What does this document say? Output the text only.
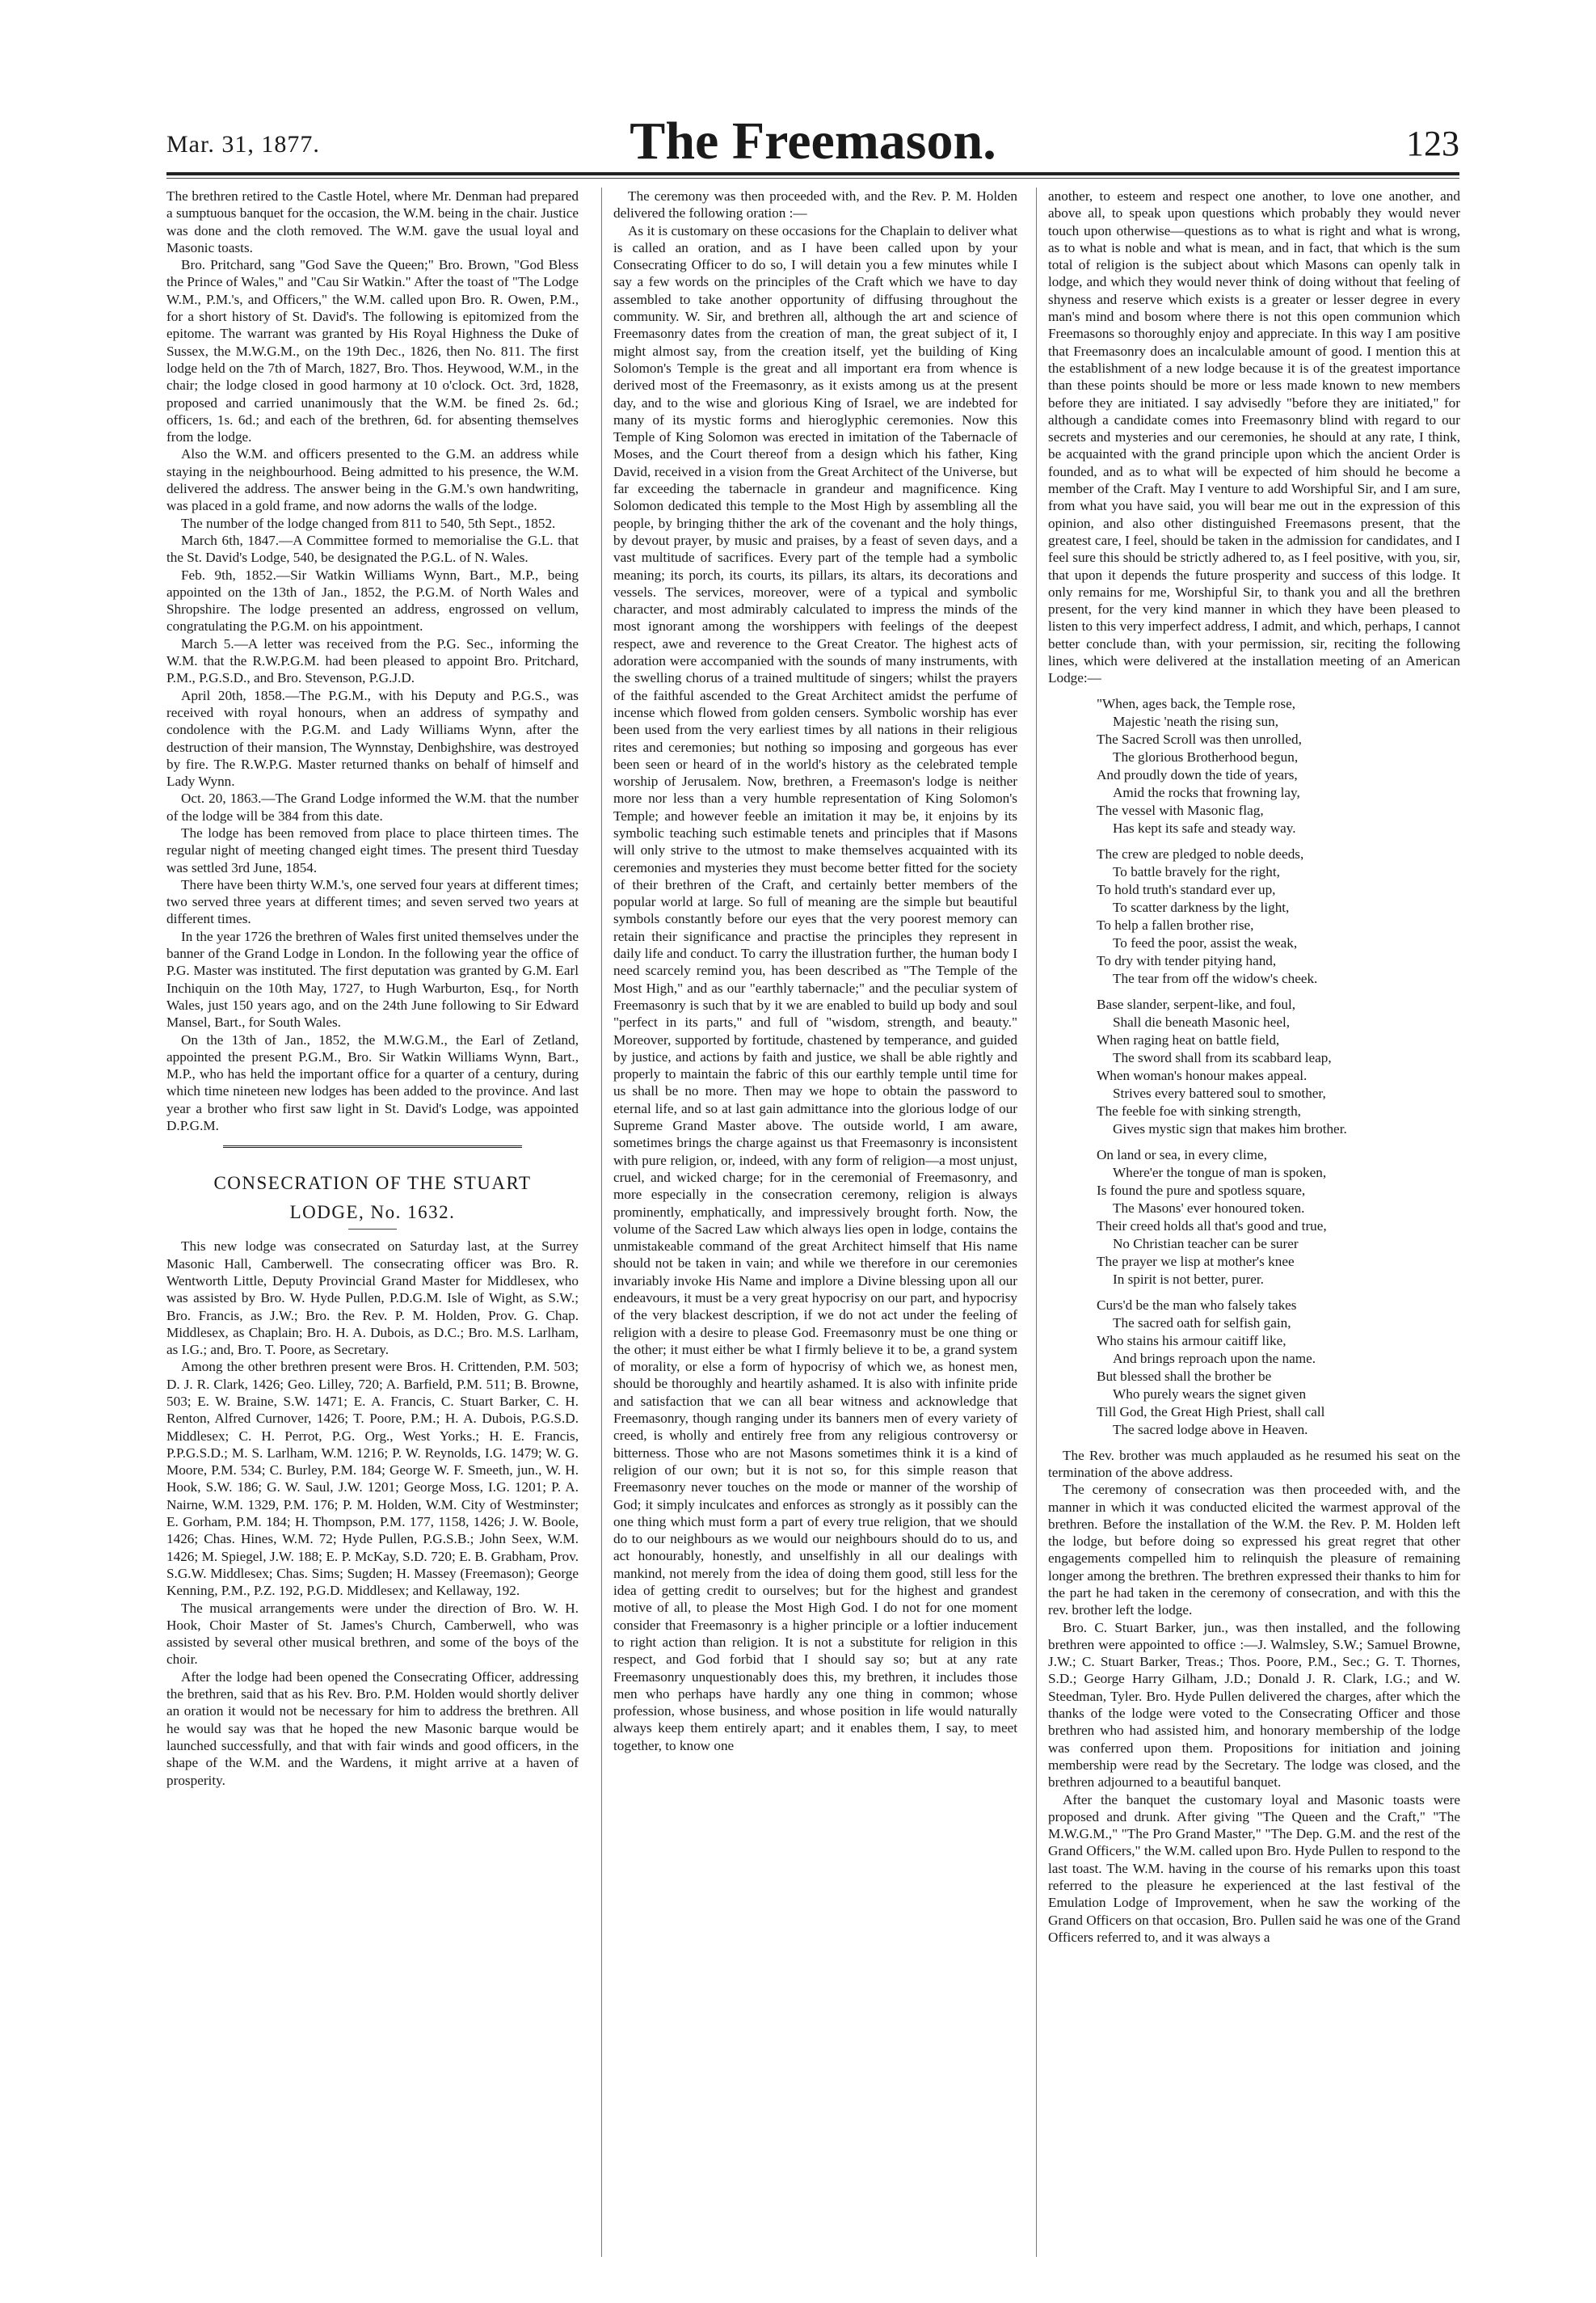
Mar. 31, 1877.	The Freemason.	123

The brethren retired to the Castle Hotel, where Mr. Denman had prepared a sumptuous banquet for the occasion, the W.M. being in the chair. Justice was done and the cloth removed. The W.M. gave the usual loyal and Masonic toasts.

Bro. Pritchard, sang "God Save the Queen;" Bro. Brown, "God Bless the Prince of Wales," and "Cau Sir Watkin." After the toast of "The Lodge W.M., P.M.'s, and Officers," the W.M. called upon Bro. R. Owen, P.M., for a short history of St. David's. The following is epitomized from the epitome. The warrant was granted by His Royal Highness the Duke of Sussex, the M.W.G.M., on the 19th Dec., 1826, then No. 811. The first lodge held on the 7th of March, 1827, Bro. Thos. Heywood, W.M., in the chair; the lodge closed in good harmony at 10 o'clock. Oct. 3rd, 1828, proposed and carried unanimously that the W.M. be fined 2s. 6d.; officers, 1s. 6d.; and each of the brethren, 6d. for absenting themselves from the lodge.

Also the W.M. and officers presented to the G.M. an address while staying in the neighbourhood. Being admitted to his presence, the W.M. delivered the address. The answer being in the G.M.'s own handwriting, was placed in a gold frame, and now adorns the walls of the lodge.

The number of the lodge changed from 811 to 540, 5th Sept., 1852.

March 6th, 1847.—A Committee formed to memorialise the G.L. that the St. David's Lodge, 540, be designated the P.G.L. of N. Wales.

Feb. 9th, 1852.—Sir Watkin Williams Wynn, Bart., M.P., being appointed on the 13th of Jan., 1852, the P.G.M. of North Wales and Shropshire. The lodge presented an address, engrossed on vellum, congratulating the P.G.M. on his appointment.

March 5.—A letter was received from the P.G. Sec., informing the W.M. that the R.W.P.G.M. had been pleased to appoint Bro. Pritchard, P.M., P.G.S.D., and Bro. Stevenson, P.G.J.D.

April 20th, 1858.—The P.G.M., with his Deputy and P.G.S., was received with royal honours, when an address of sympathy and condolence with the P.G.M. and Lady Williams Wynn, after the destruction of their mansion, The Wynnstay, Denbighshire, was destroyed by fire. The R.W.P.G. Master returned thanks on behalf of himself and Lady Wynn.

Oct. 20, 1863.—The Grand Lodge informed the W.M. that the number of the lodge will be 384 from this date.

The lodge has been removed from place to place thirteen times. The regular night of meeting changed eight times. The present third Tuesday was settled 3rd June, 1854.

There have been thirty W.M.'s, one served four years at different times; two served three years at different times; and seven served two years at different times.

In the year 1726 the brethren of Wales first united themselves under the banner of the Grand Lodge in London. In the following year the office of P.G. Master was instituted. The first deputation was granted by G.M. Earl Inchiquin on the 10th May, 1727, to Hugh Warburton, Esq., for North Wales, just 150 years ago, and on the 24th June following to Sir Edward Mansel, Bart., for South Wales.

On the 13th of Jan., 1852, the M.W.G.M., the Earl of Zetland, appointed the present P.G.M., Bro. Sir Watkin Williams Wynn, Bart., M.P., who has held the important office for a quarter of a century, during which time nineteen new lodges has been added to the province. And last year a brother who first saw light in St. David's Lodge, was appointed D.P.G.M.

CONSECRATION OF THE STUART
LODGE, No. 1632.

This new lodge was consecrated on Saturday last, at the Surrey Masonic Hall, Camberwell. The consecrating officer was Bro. R. Wentworth Little, Deputy Provincial Grand Master for Middlesex, who was assisted by Bro. W. Hyde Pullen, P.D.G.M. Isle of Wight, as S.W.; Bro. Francis, as J.W.; Bro. the Rev. P. M. Holden, Prov. G. Chap. Middlesex, as Chaplain; Bro. H. A. Dubois, as D.C.; Bro. M.S. Larlham, as I.G.; and, Bro. T. Poore, as Secretary.

Among the other brethren present were Bros. H. Crittenden, P.M. 503; D. J. R. Clark, 1426; Geo. Lilley, 720; A. Barfield, P.M. 511; B. Browne, 503; E. W. Braine, S.W. 1471; E. A. Francis, C. Stuart Barker, C. H. Renton, Alfred Curnover, 1426; T. Poore, P.M.; H. A. Dubois, P.G.S.D. Middlesex; C. H. Perrot, P.G. Org., West Yorks.; H. E. Francis, P.P.G.S.D.; M. S. Larlham, W.M. 1216; P. W. Reynolds, I.G. 1479; W. G. Moore, P.M. 534; C. Burley, P.M. 184; George W. F. Smeeth, jun., W. H. Hook, S.W. 186; G. W. Saul, J.W. 1201; George Moss, I.G. 1201; P. A. Nairne, W.M. 1329, P.M. 176; P. M. Holden, W.M. City of Westminster; E. Gorham, P.M. 184; H. Thompson, P.M. 177, 1158, 1426; J. W. Boole, 1426; Chas. Hines, W.M. 72; Hyde Pullen, P.G.S.B.; John Seex, W.M. 1426; M. Spiegel, J.W. 188; E. P. McKay, S.D. 720; E. B. Grabham, Prov. S.G.W. Middlesex; Chas. Sims; Sugden; H. Massey (Freemason); George Kenning, P.M., P.Z. 192, P.G.D. Middlesex; and Kellaway, 192.

The musical arrangements were under the direction of Bro. W. H. Hook, Choir Master of St. James's Church, Camberwell, who was assisted by several other musical brethren, and some of the boys of the choir.

After the lodge had been opened the Consecrating Officer, addressing the brethren, said that as his Rev. Bro. P.M. Holden would shortly deliver an oration it would not be necessary for him to address the brethren. All he would say was that he hoped the new Masonic barque would be launched successfully, and that with fair winds and good officers, in the shape of the W.M. and the Wardens, it might arrive at a haven of prosperity.

The ceremony was then proceeded with, and the Rev. P. M. Holden delivered the following oration :—

As it is customary on these occasions for the Chaplain to deliver what is called an oration, and as I have been called upon by your Consecrating Officer to do so, I will detain you a few minutes while I say a few words on the principles of the Craft which we have to day assembled to take another opportunity of diffusing throughout the community. W. Sir, and brethren all, although the art and science of Freemasonry dates from the creation of man, the great subject of it, I might almost say, from the creation itself, yet the building of King Solomon's Temple is the great and all important era from whence is derived most of the Freemasonry, as it exists among us at the present day, and to the wise and glorious King of Israel, we are indebted for many of its mystic forms and hieroglyphic ceremonies. Now this Temple of King Solomon was erected in imitation of the Tabernacle of Moses, and the Court thereof from a design which his father, King David, received in a vision from the Great Architect of the Universe, but far exceeding the tabernacle in grandeur and magnificence. King Solomon dedicated this temple to the Most High by assembling all the people, by bringing thither the ark of the covenant and the holy things, by devout prayer, by music and praises, by a feast of seven days, and a vast multitude of sacrifices. Every part of the temple had a symbolic meaning; its porch, its courts, its pillars, its altars, its decorations and vessels. The services, moreover, were of a typical and symbolic character, and most admirably calculated to impress the minds of the most ignorant among the worshippers with feelings of the deepest respect, awe and reverence to the Great Creator. The highest acts of adoration were accompanied with the sounds of many instruments, with the swelling chorus of a trained multitude of singers; whilst the prayers of the faithful ascended to the Great Architect amidst the perfume of incense which flowed from golden censers. Symbolic worship has ever been used from the very earliest times by all nations in their religious rites and ceremonies; but nothing so imposing and gorgeous has ever been seen or heard of in the world's history as the celebrated temple worship of Jerusalem. Now, brethren, a Freemason's lodge is neither more nor less than a very humble representation of King Solomon's Temple; and however feeble an imitation it may be, it enjoins by its symbolic teaching such estimable tenets and principles that if Masons will only strive to the utmost to make themselves acquainted with its ceremonies and mysteries they must become better fitted for the society of their brethren of the Craft, and certainly better members of the popular world at large. So full of meaning are the simple but beautiful symbols constantly before our eyes that the very poorest memory can retain their significance and practise the principles they represent in daily life and conduct. To carry the illustration further, the human body I need scarcely remind you, has been described as "The Temple of the Most High," and as our "earthly tabernacle;" and the peculiar system of Freemasonry is such that by it we are enabled to build up body and soul "perfect in its parts," and full of "wisdom, strength, and beauty." Moreover, supported by fortitude, chastened by temperance, and guided by justice, and actions by faith and justice, we shall be able rightly and properly to maintain the fabric of this our earthly temple until time for us shall be no more. Then may we hope to obtain the password to eternal life, and so at last gain admittance into the glorious lodge of our Supreme Grand Master above. The outside world, I am aware, sometimes brings the charge against us that Freemasonry is inconsistent with pure religion, or, indeed, with any form of religion—a most unjust, cruel, and wicked charge; for in the ceremonial of Freemasonry, and more especially in the consecration ceremony, religion is always prominently, emphatically, and impressively brought forth. Now, the volume of the Sacred Law which always lies open in lodge, contains the unmistakeable command of the great Architect himself that His name should not be taken in vain; and while we therefore in our ceremonies invariably invoke His Name and implore a Divine blessing upon all our endeavours, it must be a very great hypocrisy on our part, and hypocrisy of the very blackest description, if we do not act under the feeling of religion with a desire to please God. Freemasonry must be one thing or the other; it must either be what I firmly believe it to be, a grand system of morality, or else a form of hypocrisy of which we, as honest men, should be thoroughly and heartily ashamed. It is also with infinite pride and satisfaction that we can all bear witness and acknowledge that Freemasonry, though ranging under its banners men of every variety of creed, is wholly and entirely free from any religious controversy or bitterness. Those who are not Masons sometimes think it is a kind of religion of our own; but it is not so, for this simple reason that Freemasonry never touches on the mode or manner of the worship of God; it simply inculcates and enforces as strongly as it possibly can the one thing which must form a part of every true religion, that we should do to our neighbours as we would our neighbours should do to us, and act honourably, honestly, and unselfishly in all our dealings with mankind, not merely from the idea of doing them good, still less for the idea of getting credit to ourselves; but for the highest and grandest motive of all, to please the Most High God. I do not for one moment consider that Freemasonry is a higher principle or a loftier inducement to right action than religion. It is not a substitute for religion in this respect, and God forbid that I should say so; but at any rate Freemasonry unquestionably does this, my brethren, it includes those men who perhaps have hardly any one thing in common; whose profession, whose business, and whose position in life would naturally always keep them entirely apart; and it enables them, I say, to meet together, to know one

another, to esteem and respect one another, to love one another, and above all, to speak upon questions which probably they would never touch upon otherwise—questions as to what is right and what is wrong, as to what is noble and what is mean, and in fact, that which is the sum total of religion is the subject about which Masons can openly talk in lodge, and which they would never think of doing without that feeling of shyness and reserve which exists is a greater or lesser degree in every man's mind and bosom where there is not this open communion which Freemasons so thoroughly enjoy and appreciate. In this way I am positive that Freemasonry does an incalculable amount of good. I mention this at the establishment of a new lodge because it is of the greatest importance than these points should be more or less made known to new members before they are initiated. I say advisedly "before they are initiated," for although a candidate comes into Freemasonry blind with regard to our secrets and mysteries and our ceremonies, he should at any rate, I think, be acquainted with the grand principle upon which the ancient Order is founded, and as to what will be expected of him should he become a member of the Craft. May I venture to add Worshipful Sir, and I am sure, from what you have said, you will bear me out in the expression of this opinion, and also other distinguished Freemasons present, that the greatest care, I feel, should be taken in the admission for candidates, and I feel sure this should be strictly adhered to, as I feel positive, with you, sir, that upon it depends the future prosperity and success of this lodge. It only remains for me, Worshipful Sir, to thank you and all the brethren present, for the very kind manner in which they have been pleased to listen to this very imperfect address, I admit, and which, perhaps, I cannot better conclude than, with your permission, sir, reciting the following lines, which were delivered at the installation meeting of an American Lodge:—

"When, ages back, the Temple rose,
Majestic 'neath the rising sun,
The Sacred Scroll was then unrolled,
The glorious Brotherhood begun,
And proudly down the tide of years,
Amid the rocks that frowning lay,
The vessel with Masonic flag,
Has kept its safe and steady way.
The crew are pledged to noble deeds,
To battle bravely for the right,
To hold truth's standard ever up,
To scatter darkness by the light,
To help a fallen brother rise,
To feed the poor, assist the weak,
To dry with tender pitying hand,
The tear from off the widow's cheek.
Base slander, serpent-like, and foul,
Shall die beneath Masonic heel,
When raging heat on battle field,
The sword shall from its scabbard leap,
When woman's honour makes appeal.
Strives every battered soul to smother,
The feeble foe with sinking strength,
Gives mystic sign that makes him brother.
On land or sea, in every clime,
Where'er the tongue of man is spoken,
Is found the pure and spotless square,
The Masons' ever honoured token.
Their creed holds all that's good and true,
No Christian teacher can be surer
The prayer we lisp at mother's knee
In spirit is not better, purer.
Curs'd be the man who falsely takes
The sacred oath for selfish gain,
Who stains his armour caitiff like,
And brings reproach upon the name.
But blessed shall the brother be
Who purely wears the signet given
Till God, the Great High Priest, shall call
The sacred lodge above in Heaven.

The Rev. brother was much applauded as he resumed his seat on the termination of the above address.

The ceremony of consecration was then proceeded with, and the manner in which it was conducted elicited the warmest approval of the brethren. Before the installation of the W.M. the Rev. P. M. Holden left the lodge, but before doing so expressed his great regret that other engagements compelled him to relinquish the pleasure of remaining longer among the brethren. The brethren expressed their thanks to him for the part he had taken in the ceremony of consecration, and with this the rev. brother left the lodge.

Bro. C. Stuart Barker, jun., was then installed, and the following brethren were appointed to office :—J. Walmsley, S.W.; Samuel Browne, J.W.; C. Stuart Barker, Treas.; Thos. Poore, P.M., Sec.; G. T. Thornes, S.D.; George Harry Gilham, J.D.; Donald J. R. Clark, I.G.; and W. Steedman, Tyler. Bro. Hyde Pullen delivered the charges, after which the thanks of the lodge were voted to the Consecrating Officer and those brethren who had assisted him, and honorary membership of the lodge was conferred upon them. Propositions for initiation and joining membership were read by the Secretary. The lodge was closed, and the brethren adjourned to a beautiful banquet.

After the banquet the customary loyal and Masonic toasts were proposed and drunk. After giving "The Queen and the Craft," "The M.W.G.M.," "The Pro Grand Master," "The Dep. G.M. and the rest of the Grand Officers," the W.M. called upon Bro. Hyde Pullen to respond to the last toast. The W.M. having in the course of his remarks upon this toast referred to the pleasure he experienced at the last festival of the Emulation Lodge of Improvement, when he saw the working of the Grand Officers on that occasion, Bro. Pullen said he was one of the Grand Officers referred to, and it was always a
